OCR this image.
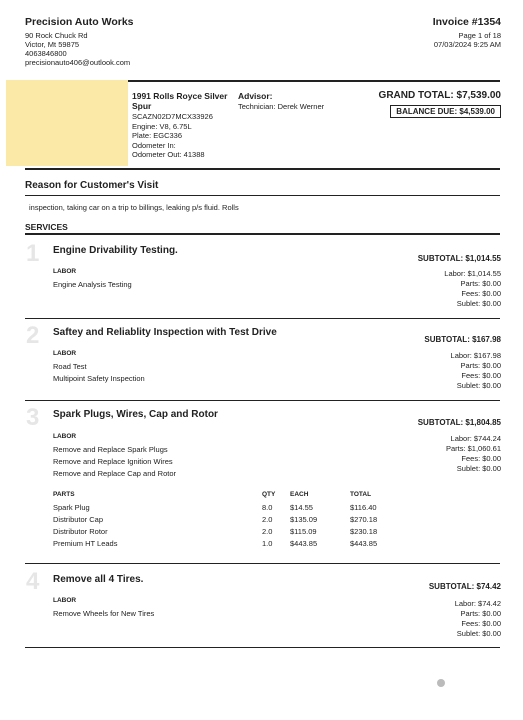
Precision Auto Works
90 Rock Chuck Rd
Victor, Mt 59875
4063846800
precisionauto406@outlook.com
Invoice #1354
Page 1 of 18
07/03/2024 9:25 AM
1991 Rolls Royce Silver Spur
SCAZN02D7MCX33926
Engine: V8, 6.75L
Plate: EGC336
Odometer In:
Odometer Out: 41388
Advisor:
Technician: Derek Werner
GRAND TOTAL: $7,539.00
BALANCE DUE: $4,539.00
Reason for Customer's Visit
inspection, taking car on a trip to billings, leaking p/s fluid. Rolls
SERVICES
1 Engine Drivability Testing.
SUBTOTAL: $1,014.55
LABOR
Engine Analysis Testing
Labor: $1,014.55
Parts: $0.00
Fees: $0.00
Sublet: $0.00
2 Saftey and Reliablity Inspection with Test Drive
SUBTOTAL: $167.98
LABOR
Road Test
Multipoint Safety Inspection
Labor: $167.98
Parts: $0.00
Fees: $0.00
Sublet: $0.00
3 Spark Plugs, Wires, Cap and Rotor
SUBTOTAL: $1,804.85
LABOR
Remove and Replace Spark Plugs
Remove and Replace Ignition Wires
Remove and Replace Cap and Rotor
Labor: $744.24
Parts: $1,060.61
Fees: $0.00
Sublet: $0.00
PARTS	QTY EACH	TOTAL
Spark Plug	8.0 $14.55	$116.40
Distributor Cap	2.0 $135.09	$270.18
Distributor Rotor	2.0 $115.09	$230.18
Premium HT Leads	1.0 $443.85	$443.85
4 Remove all 4 Tires.
SUBTOTAL: $74.42
LABOR
Remove Wheels for New Tires
Labor: $74.42
Parts: $0.00
Fees: $0.00
Sublet: $0.00
